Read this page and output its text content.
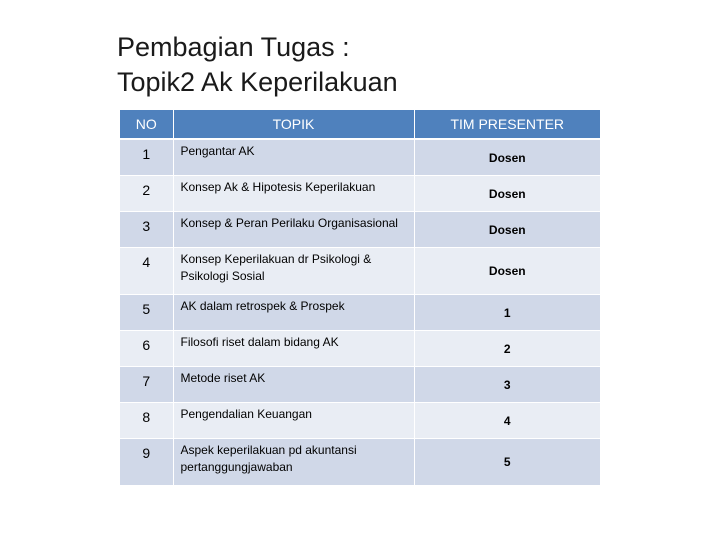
Pembagian Tugas :
Topik2 Ak Keperilakuan
NO	TOPIK	TIM PRESENTER
1	Pengantar AK	Dosen
2	Konsep Ak & Hipotesis Keperilakuan	Dosen
3	Konsep & Peran Perilaku Organisasional	Dosen
4	Konsep Keperilakuan dr Psikologi & Psikologi Sosial	Dosen
5	AK dalam retrospek & Prospek	1
6	Filosofi riset dalam bidang AK	2
7	Metode riset AK	3
8	Pengendalian Keuangan	4
9	Aspek keperilakuan pd akuntansi pertanggungjawaban	5
